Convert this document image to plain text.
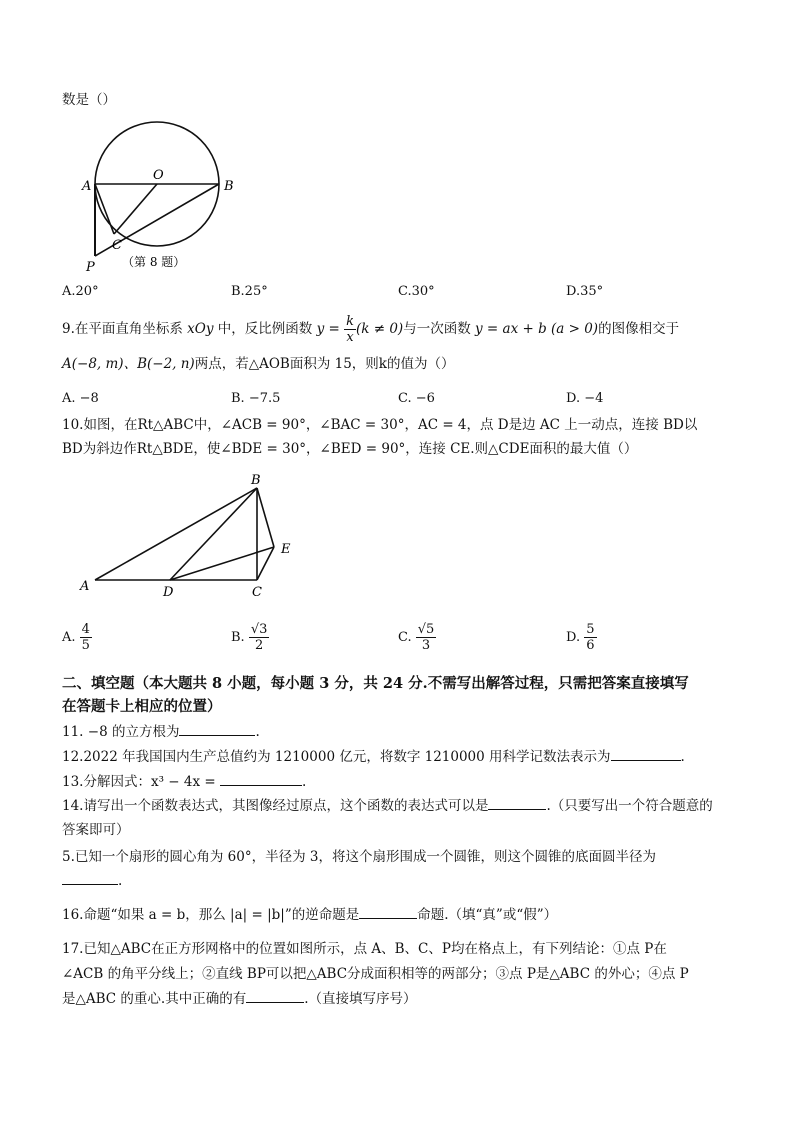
数是（）
A
O
B
C
P （第 8 题）
A.20°	B.25°	C.30°	D.35°
9.在平面直角坐标系 xOy 中，反比例函数 $y = \frac{k}{x} (k \ne 0)$与一次函数 y = ax + b (a > 0)的图像相交于
A(−8, m)、B(−2, n)两点，若△AOB面积为 15，则k的值为（）
A. −8	B. −7.5	C. −6	D. −4
10.如图，在Rt△ABC中，∠ACB = 90°，∠BAC = 30°，AC = 4，点 D是边 AC 上一动点，连接 BD以
BD为斜边作Rt△BDE，使∠BDE = 30°，∠BED = 90°，连接 CE.则△CDE面积的最大值（）
A
B
C
D
E
A. $\frac{4}{5}$	B. $\frac{√3}{2}$	C. $\frac{√5}{3}$	D. $\frac{5}{6}$
二、填空题（本大题共 8 小题，每小题 3 分，共 24 分.不需写出解答过程，只需把答案直接填写
在答题卡上相应的位置）
11. −8 的立方根为	.
12.2022 年我国国内生产总值约为 1210000 亿元，将数字 1210000 用科学记数法表示为	.
13.分解因式：x³ − 4x =	.
14.请写出一个函数表达式，其图像经过原点，这个函数的表达式可以是	.（只要写出一个符合题意的
答案即可）
5.已知一个扇形的圆心角为 60°，半径为 3，将这个扇形围成一个圆锥，则这个圆锥的底面圆半径为
.
16.命题“如果 a = b，那么 |a| = |b|”的逆命题是	命题.（填“真”或“假”）
17.已知△ABC在正方形网格中的位置如图所示，点 A、B、C、P均在格点上，有下列结论：①点 P在
∠ACB 的角平分线上；②直线 BP可以把△ABC分成面积相等的两部分；③点 P是△ABC 的外心；④点 P
是△ABC 的重心.其中正确的有	.（直接填写序号）
